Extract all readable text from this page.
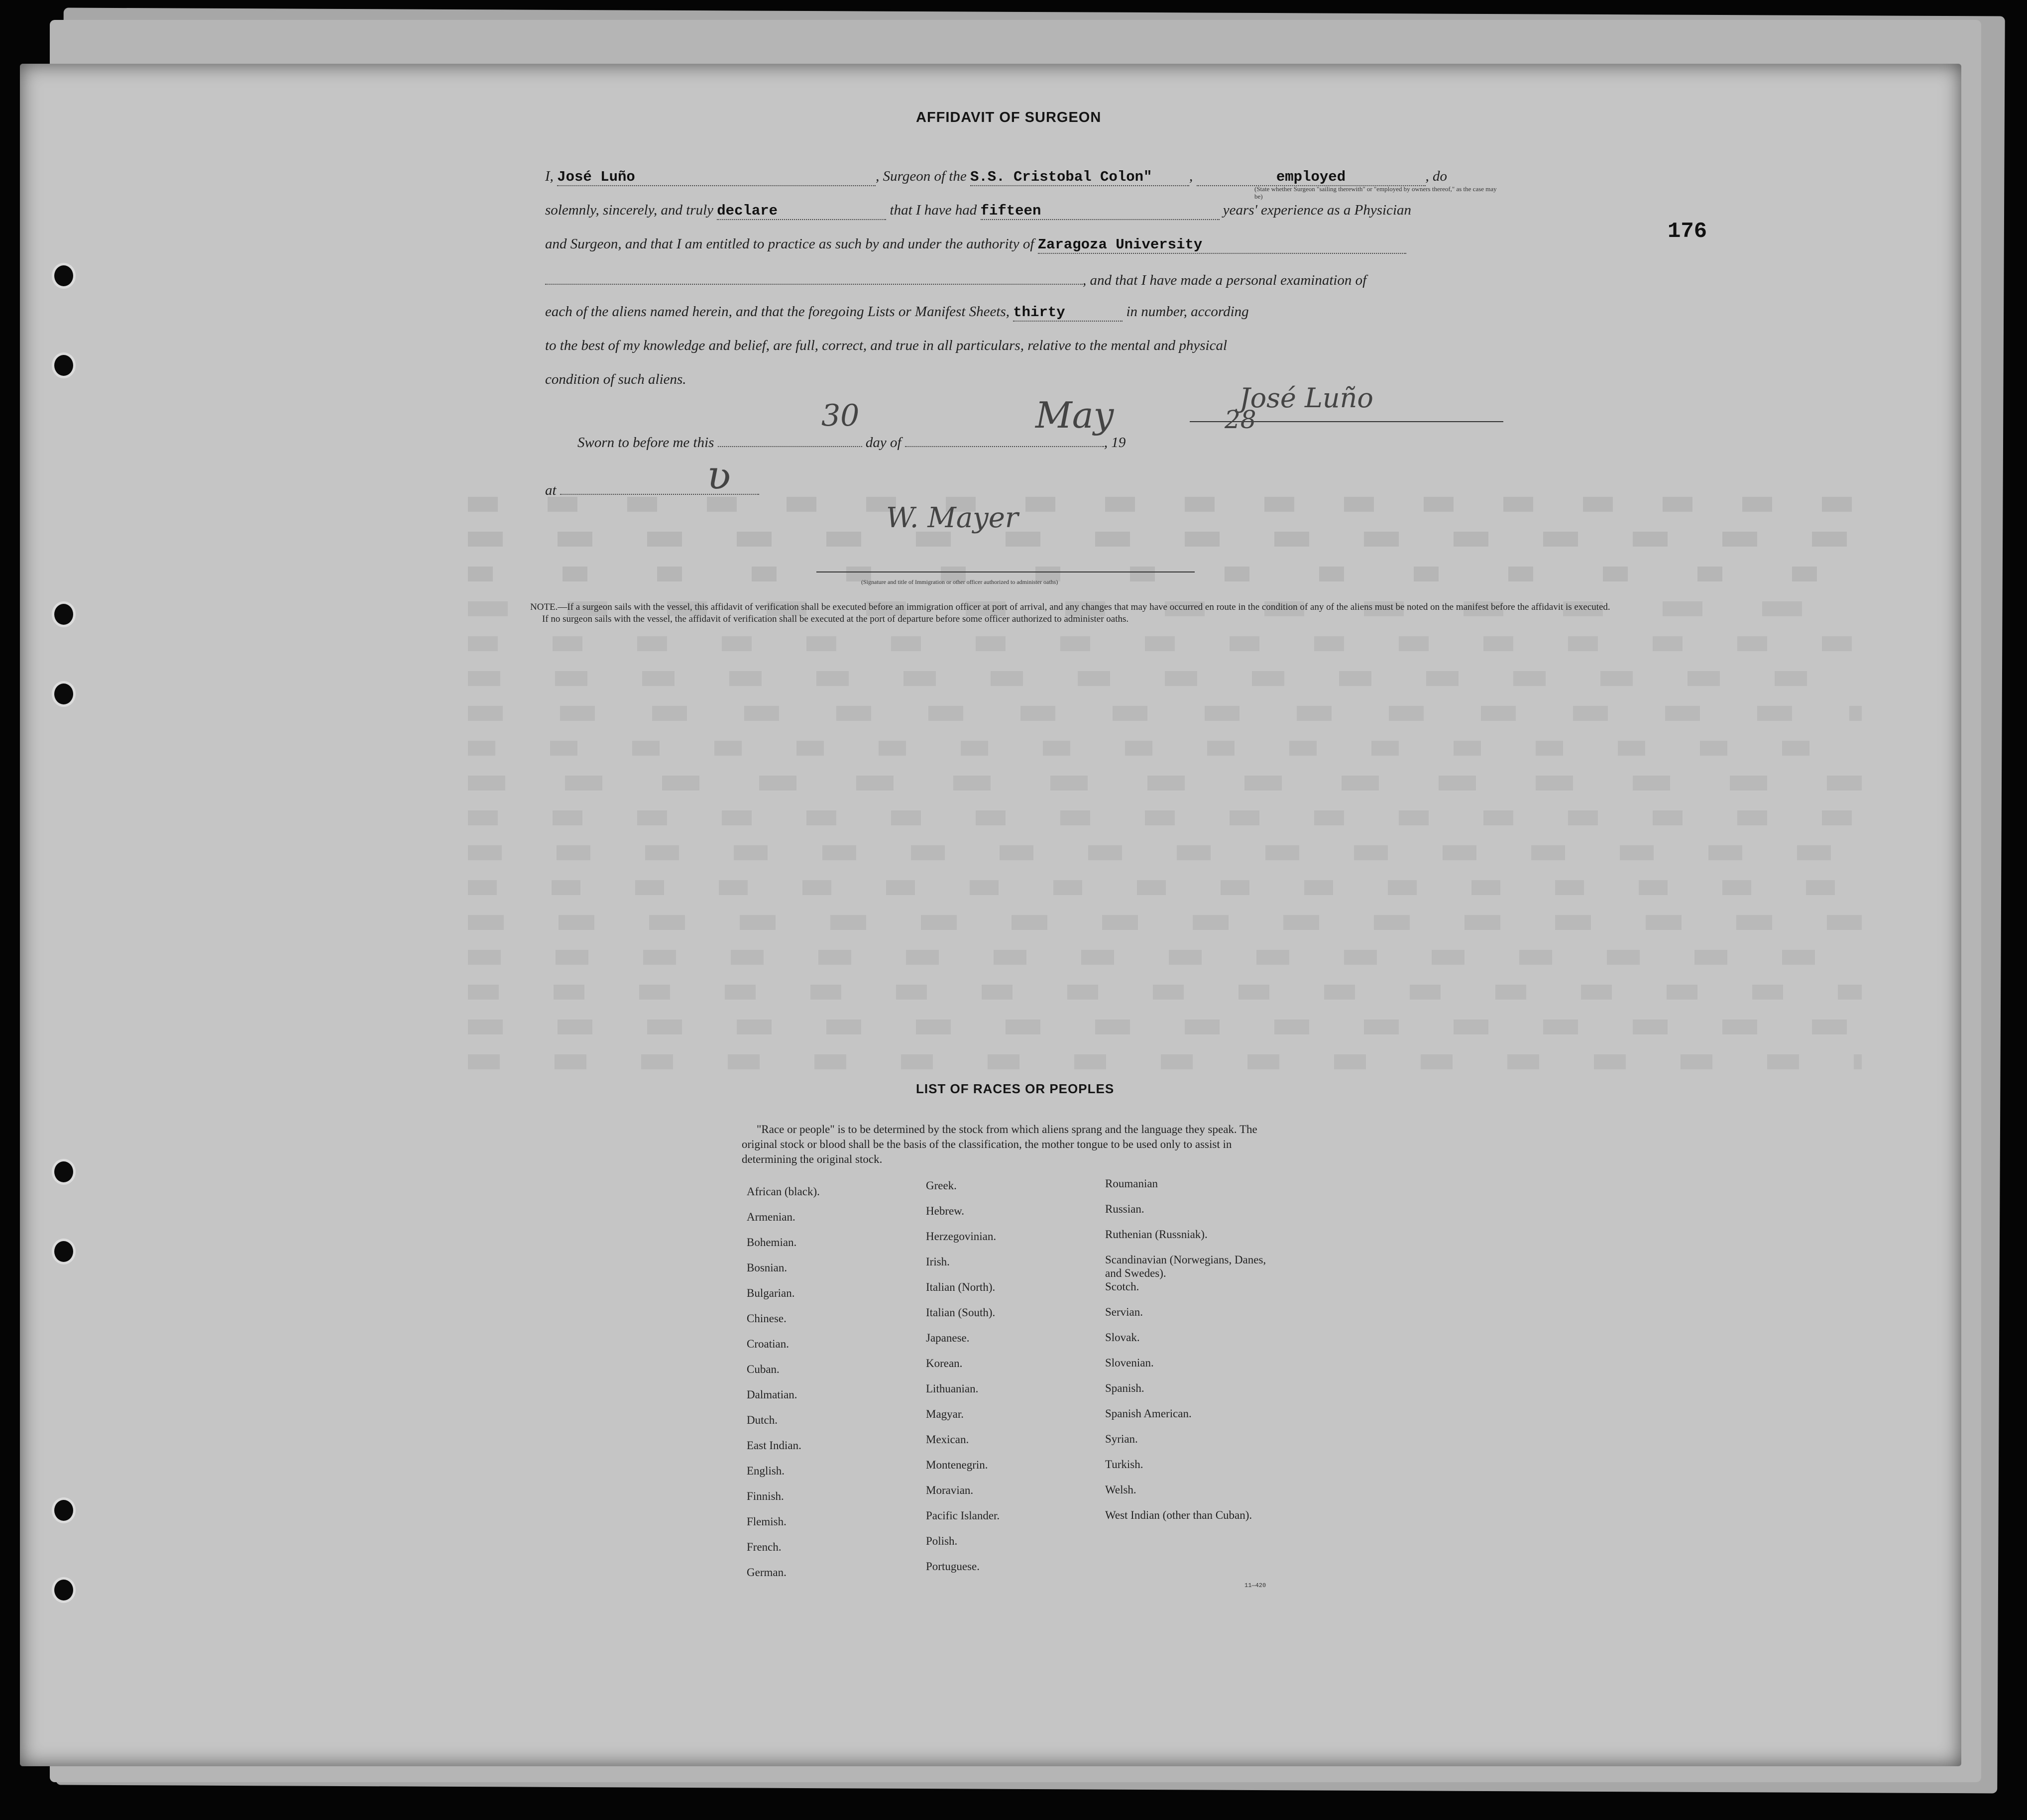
AFFIDAVIT OF SURGEON
176
I, José Luño	, Surgeon of the S.S. Cristobal Colon"	,	employed	, do
(State whether Surgeon "sailing therewith" or "employed by owners thereof," as the case may be)
solemnly, sincerely, and truly declare	that I have had fifteen	years' experience as a Physician
and Surgeon, and that I am entitled to practice as such by and under the authority of Zaragoza University
, and that I have made a personal examination of
each of the aliens named herein, and that the foregoing Lists or Manifest Sheets, thirty	in number, according
to the best of my knowledge and belief, are full, correct, and true in all particulars, relative to the mental and physical
condition of such aliens.
José Luño
Sworn to before me this	day of	, 19
30	May	28
at	ʋ
W. Mayer
(Signature and title of Immigration or other officer authorized to administer oaths)
NOTE.—If a surgeon sails with the vessel, this affidavit of verification shall be executed before an immigration officer at port of arrival, and any changes that may have occurred en route in the condition of any of the aliens must be noted on the manifest before the affidavit is executed.
If no surgeon sails with the vessel, the affidavit of verification shall be executed at the port of departure before some officer authorized to administer oaths.
LIST OF RACES OR PEOPLES
"Race or people" is to be determined by the stock from which aliens sprang and the language they speak. The original stock or blood shall be the basis of the classification, the mother tongue to be used only to assist in determining the original stock.
African (black).
Armenian.
Bohemian.
Bosnian.
Bulgarian.
Chinese.
Croatian.
Cuban.
Dalmatian.
Dutch.
East Indian.
English.
Finnish.
Flemish.
French.
German.
Greek.
Hebrew.
Herzegovinian.
Irish.
Italian (North).
Italian (South).
Japanese.
Korean.
Lithuanian.
Magyar.
Mexican.
Montenegrin.
Moravian.
Pacific Islander.
Polish.
Portuguese.
Roumanian
Russian.
Ruthenian (Russniak).
Scandinavian (Norwegians, Danes, and Swedes).
Scotch.
Servian.
Slovak.
Slovenian.
Spanish.
Spanish American.
Syrian.
Turkish.
Welsh.
West Indian (other than Cuban).
11—420
